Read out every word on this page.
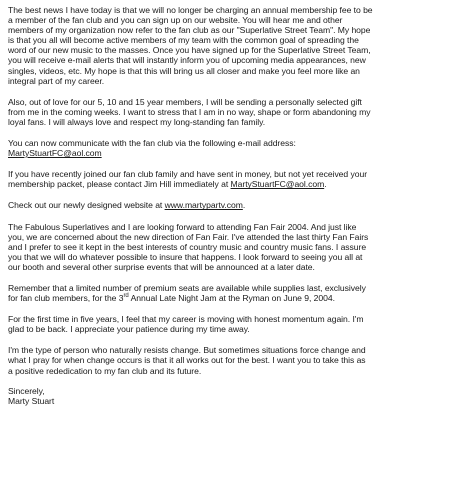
The best news I have today is that we will no longer be charging an annual membership fee to be
a member of the fan club and you can sign up on our website. You will hear me and other
members of my organization now refer to the fan club as our "Superlative Street Team". My hope
is that you all will become active members of my team with the common goal of spreading the
word of our new music to the masses. Once you have signed up for the Superlative Street Team,
you will receive e-mail alerts that will instantly inform you of upcoming media appearances, new
singles, videos, etc. My hope is that this will bring us all closer and make you feel more like an
integral part of my career.

Also, out of love for our 5, 10 and 15 year members, I will be sending a personally selected gift
from me in the coming weeks. I want to stress that I am in no way, shape or form abandoning my
loyal fans. I will always love and respect my long-standing fan family.

You can now communicate with the fan club via the following e-mail address:
MartyStuartFC@aol.com

If you have recently joined our fan club family and have sent in money, but not yet received your
membership packet, please contact Jim Hill immediately at MartyStuartFC@aol.com.

Check out our newly designed website at www.martypartv.com.

The Fabulous Superlatives and I are looking forward to attending Fan Fair 2004. And just like
you, we are concerned about the new direction of Fan Fair. I've attended the last thirty Fan Fairs
and I prefer to see it kept in the best interests of country music and country music fans. I assure
you that we will do whatever possible to insure that happens. I look forward to seeing you all at
our booth and several other surprise events that will be announced at a later date.

Remember that a limited number of premium seats are available while supplies last, exclusively
for fan club members, for the 3rd Annual Late Night Jam at the Ryman on June 9, 2004.

For the first time in five years, I feel that my career is moving with honest momentum again. I'm
glad to be back. I appreciate your patience during my time away.

I'm the type of person who naturally resists change. But sometimes situations force change and
what I pray for when change occurs is that it all works out for the best. I want you to take this as
a positive rededication to my fan club and its future.

Sincerely,
Marty Stuart
